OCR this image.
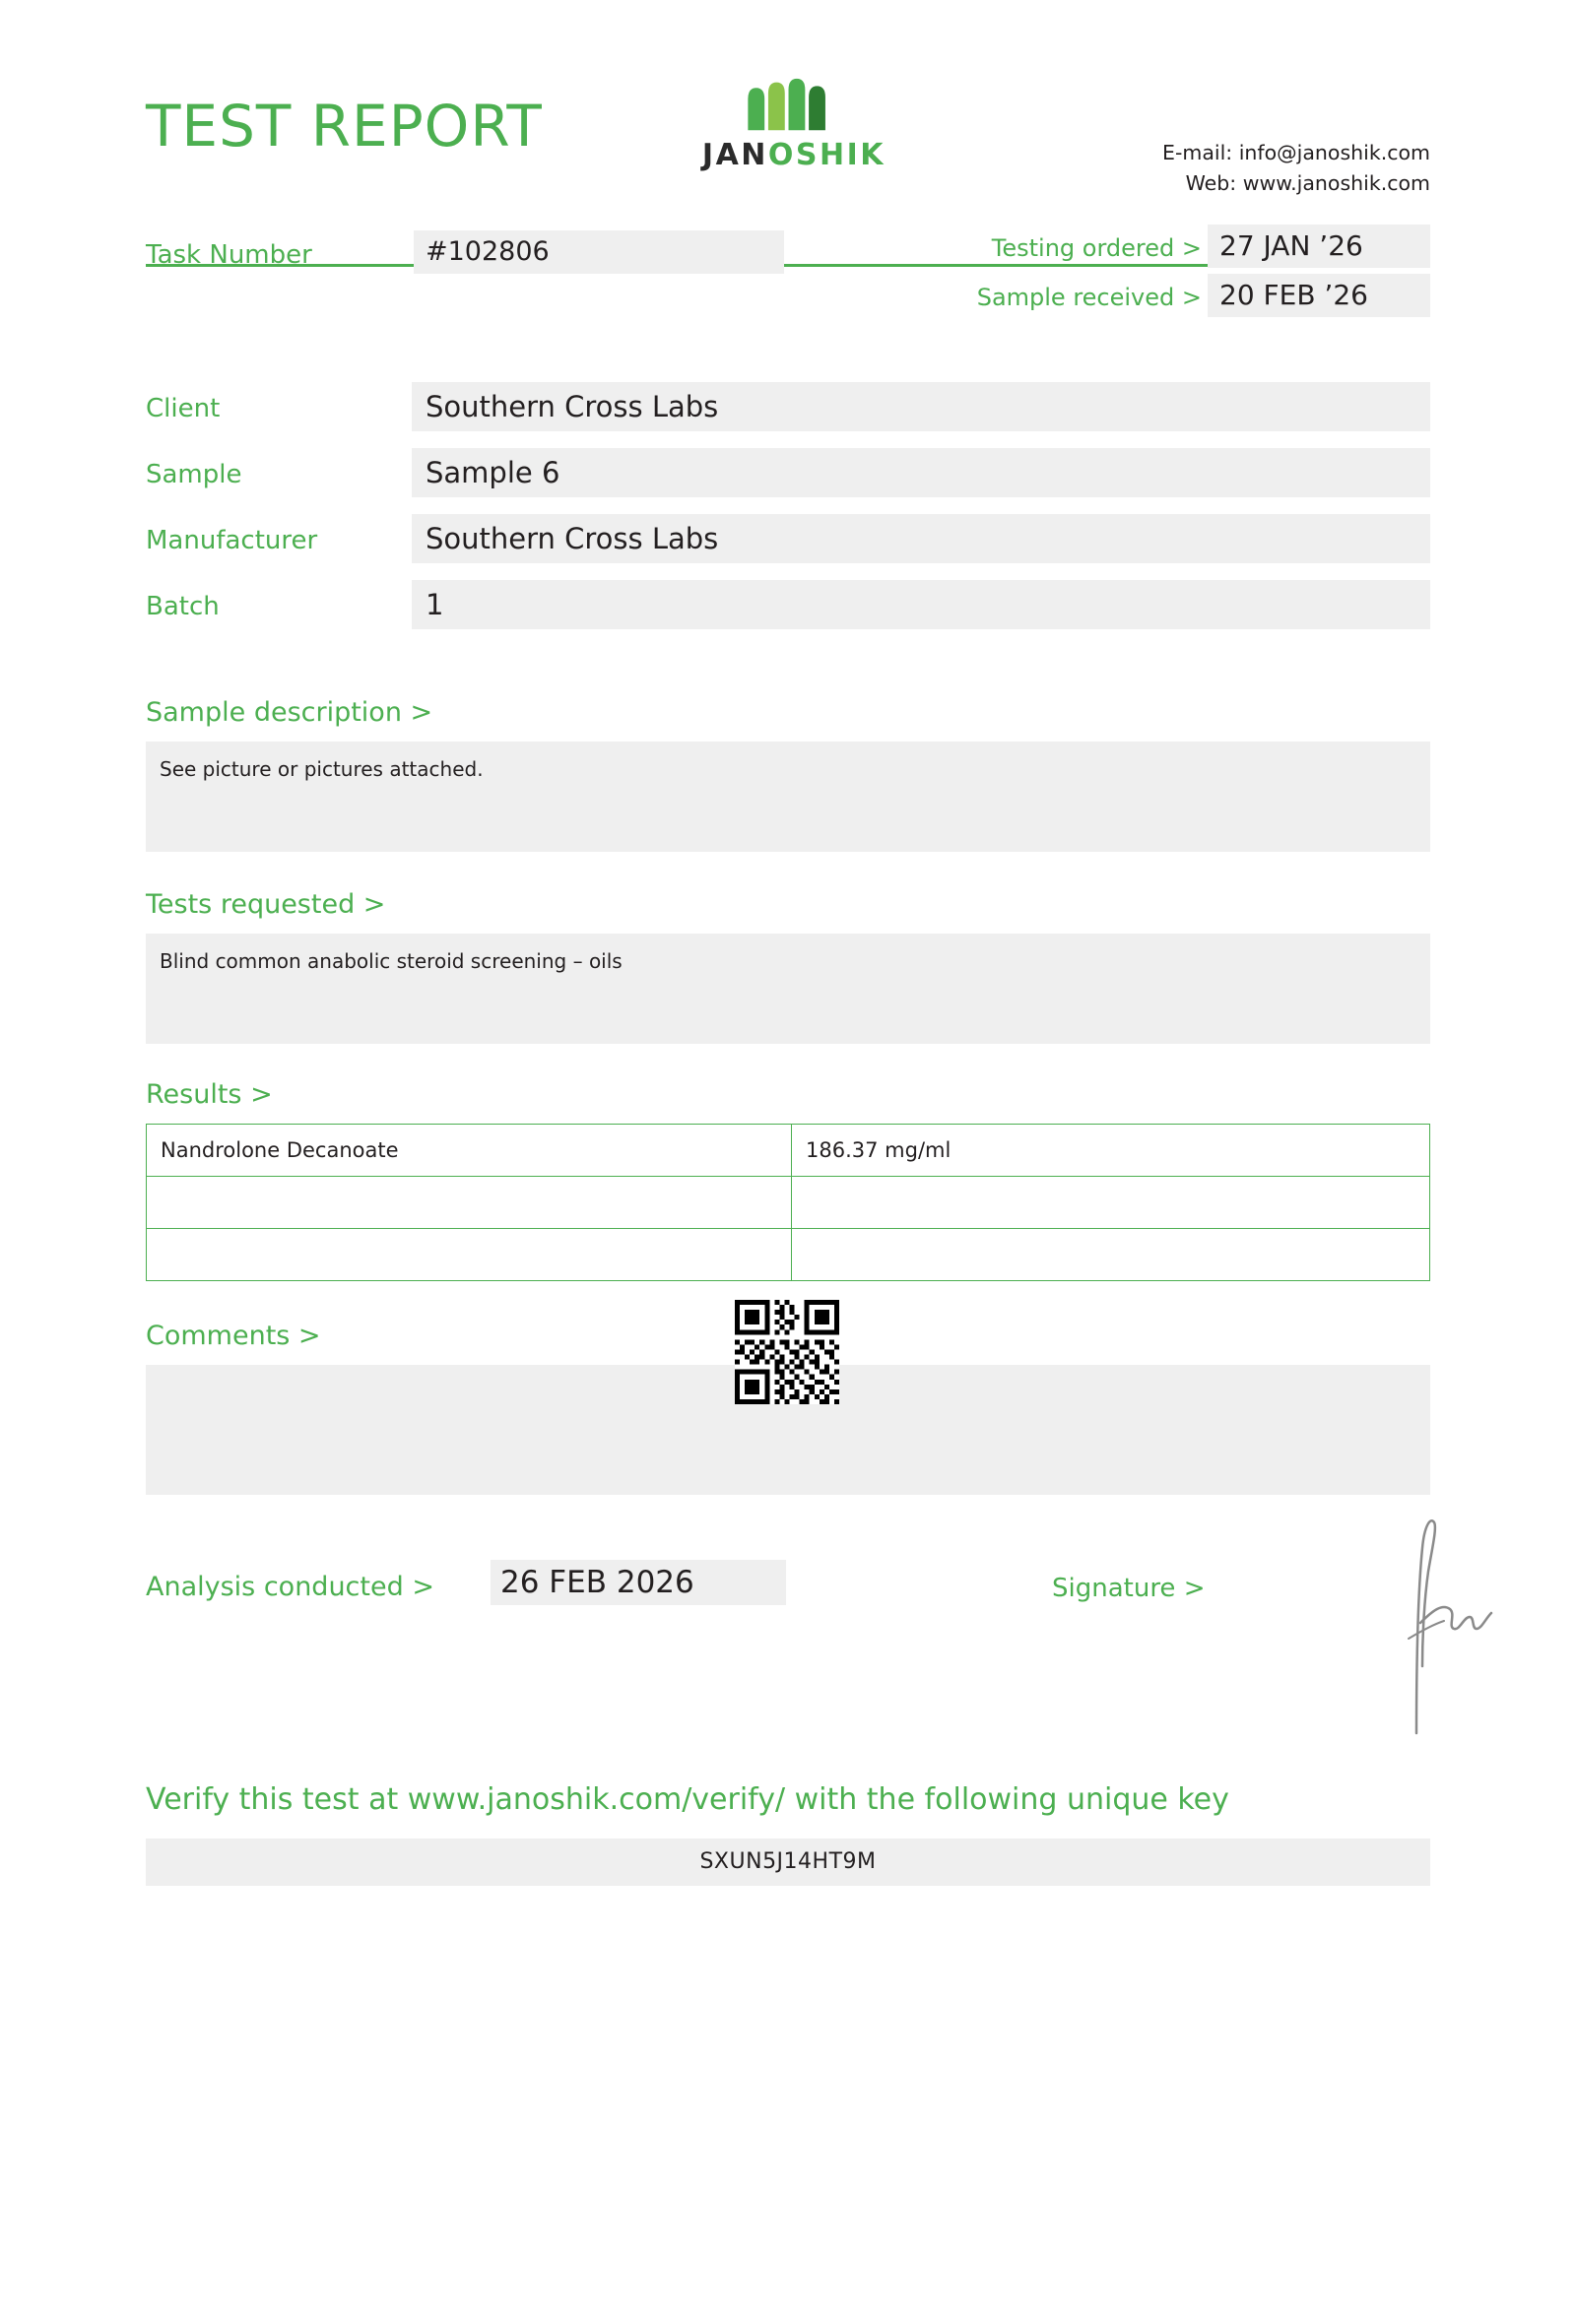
TEST REPORT	JANOSHIK	E-mail: info@janoshik.com
Web: www.janoshik.com
Task Number	#102806	Testing ordered > 27 JAN ’26
Sample received > 20 FEB ’26
Client	Southern Cross Labs
Sample	Sample 6
Manufacturer	Southern Cross Labs
Batch	1
Sample description >
See picture or pictures attached.
Tests requested >
Blind common anabolic steroid screening – oils
Results >
Nandrolone Decanoate	186.37 mg/ml

Comments >
Analysis conducted >	26 FEB 2026	Signature >
Verify this test at www.janoshik.com/verify/ with the following unique key
SXUN5J14HT9M
